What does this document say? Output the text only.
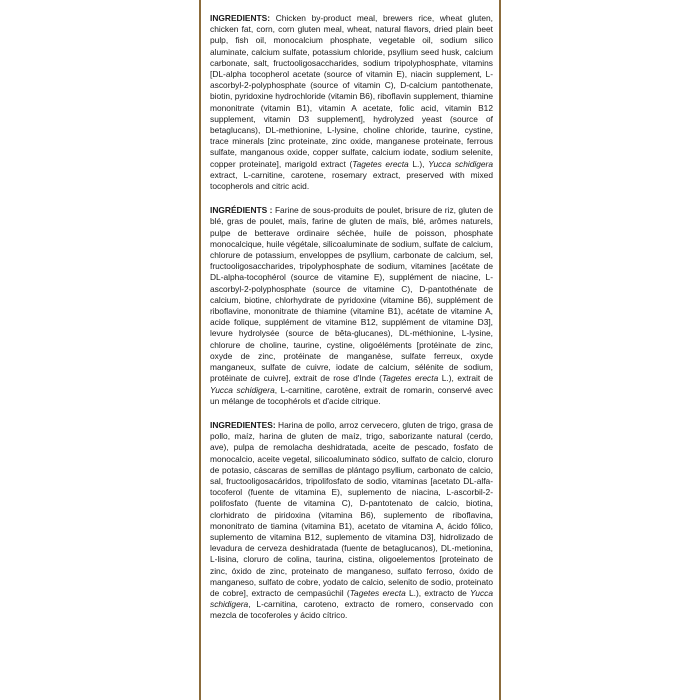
INGREDIENTS: Chicken by-product meal, brewers rice, wheat gluten, chicken fat, corn, corn gluten meal, wheat, natural flavors, dried plain beet pulp, fish oil, monocalcium phosphate, vegetable oil, sodium silico aluminate, calcium sulfate, potassium chloride, psyllium seed husk, calcium carbonate, salt, fructooligosaccharides, sodium tripolyphosphate, vitamins [DL-alpha tocopherol acetate (source of vitamin E), niacin supplement, L-ascorbyl-2-polyphosphate (source of vitamin C), D-calcium pantothenate, biotin, pyridoxine hydrochloride (vitamin B6), riboflavin supplement, thiamine mononitrate (vitamin B1), vitamin A acetate, folic acid, vitamin B12 supplement, vitamin D3 supplement], hydrolyzed yeast (source of betaglucans), DL-methionine, L-lysine, choline chloride, taurine, cystine, trace minerals [zinc proteinate, zinc oxide, manganese proteinate, ferrous sulfate, manganous oxide, copper sulfate, calcium iodate, sodium selenite, copper proteinate], marigold extract (Tagetes erecta L.), Yucca schidigera extract, L-carnitine, carotene, rosemary extract, preserved with mixed tocopherols and citric acid.

INGRÉDIENTS : Farine de sous-produits de poulet, brisure de riz, gluten de blé, gras de poulet, maïs, farine de gluten de maïs, blé, arômes naturels, pulpe de betterave ordinaire séchée, huile de poisson, phosphate monocalcique, huile végétale, silicoaluminate de sodium, sulfate de calcium, chlorure de potassium, enveloppes de psyllium, carbonate de calcium, sel, fructooligosaccharides, tripolyphosphate de sodium, vitamines [acétate de DL-alpha-tocophérol (source de vitamine E), supplément de niacine, L-ascorbyl-2-polyphosphate (source de vitamine C), D-pantothénate de calcium, biotine, chlorhydrate de pyridoxine (vitamine B6), supplément de riboflavine, mononitrate de thiamine (vitamine B1), acétate de vitamine A, acide folique, supplément de vitamine B12, supplément de vitamine D3], levure hydrolysée (source de bêta-glucanes), DL-méthionine, L-lysine, chlorure de choline, taurine, cystine, oligoéléments [protéinate de zinc, oxyde de zinc, protéinate de manganèse, sulfate ferreux, oxyde manganeux, sulfate de cuivre, iodate de calcium, sélénite de sodium, protéinate de cuivre], extrait de rose d'Inde (Tagetes erecta L.), extrait de Yucca schidigera, L-carnitine, carotène, extrait de romarin, conservé avec un mélange de tocophérols et d'acide citrique.

INGREDIENTES: Harina de pollo, arroz cervecero, gluten de trigo, grasa de pollo, maíz, harina de gluten de maíz, trigo, saborizante natural (cerdo, ave), pulpa de remolacha deshidratada, aceite de pescado, fosfato de monocalcio, aceite vegetal, silicoaluminato sódico, sulfato de calcio, cloruro de potasio, cáscaras de semillas de plántago psyllium, carbonato de calcio, sal, fructooligosacáridos, tripolifosfato de sodio, vitaminas [acetato DL-alfa-tocoferol (fuente de vitamina E), suplemento de niacina, L-ascorbil-2-polifosfato (fuente de vitamina C), D-pantotenato de calcio, biotina, clorhidrato de piridoxina (vitamina B6), suplemento de riboflavina, mononitrato de tiamina (vitamina B1), acetato de vitamina A, ácido fólico, suplemento de vitamina B12, suplemento de vitamina D3], hidrolizado de levadura de cerveza deshidratada (fuente de betaglucanos), DL-metionina, L-lisina, cloruro de colina, taurina, cistina, oligoelementos [proteinato de zinc, óxido de zinc, proteinato de manganeso, sulfato ferroso, óxido de manganeso, sulfato de cobre, yodato de calcio, selenito de sodio, proteinato de cobre], extracto de cempasúchil (Tagetes erecta L.), extracto de Yucca schidigera, L-carnitina, caroteno, extracto de romero, conservado con mezcla de tocoferoles y ácido cítrico.
